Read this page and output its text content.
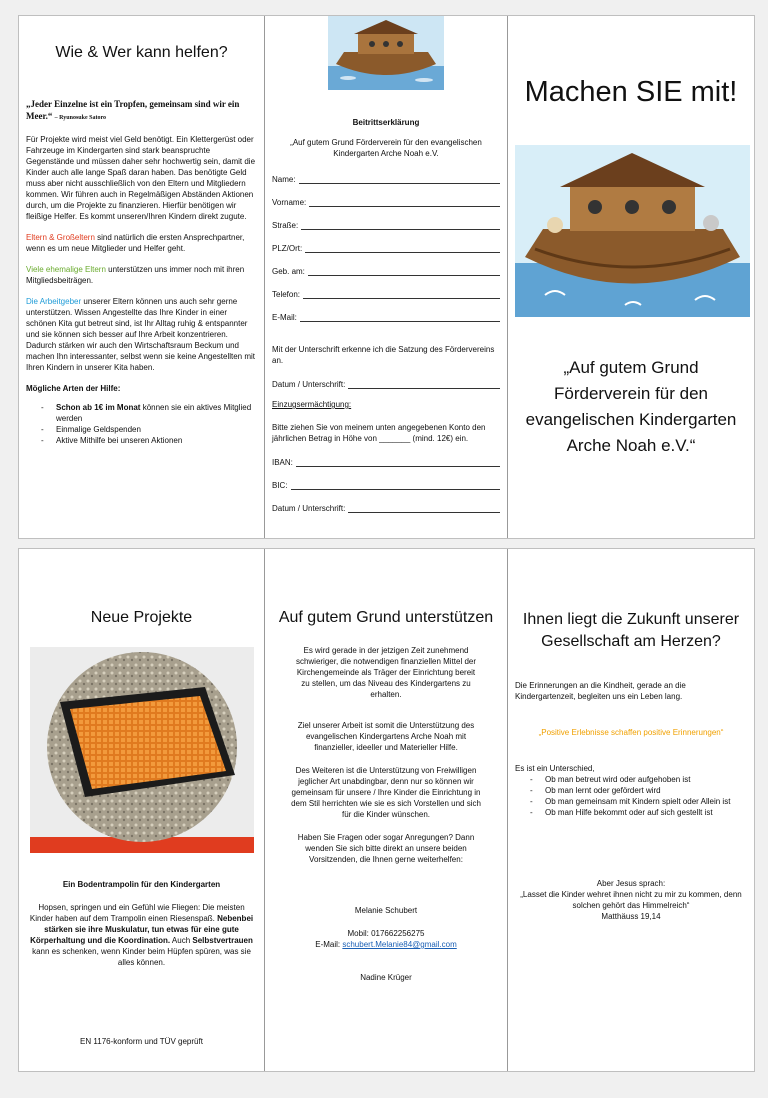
Wie & Wer kann helfen?

„Jeder Einzelne ist ein Tropfen, gemeinsam sind wir ein Meer.“ – Ryunosuke Satoro

Für Projekte wird meist viel Geld benötigt. Ein Klettergerüst oder Fahrzeuge im Kindergarten sind stark beanspruchte Gegenstände und müssen daher sehr hochwertig sein, damit die Kinder auch alle lange Spaß daran haben. Das benötigte Geld muss aber nicht ausschließlich von den Eltern und Mitgliedern kommen. Wir führen auch in Regelmäßigen Abständen Aktionen durch, um die Projekte zu finanzieren. Hierfür benötigen wir fleißige Helfer. Es kommt unseren/Ihren Kindern direkt zugute.

Eltern & Großeltern sind natürlich die ersten Ansprechpartner, wenn es um neue Mitglieder und Helfer geht.

Viele ehemalige Eltern unterstützen uns immer noch mit ihren Mitgliedsbeiträgen.

Die Arbeitgeber unserer Eltern können uns auch sehr gerne unterstützen. Wissen Angestellte das Ihre Kinder in einer schönen Kita gut betreut sind, ist Ihr Alltag ruhig & entspannter und sie können sich besser auf Ihre Arbeit konzentrieren. Dadurch stärken wir auch den Wirtschaftsraum Beckum und machen Ihn interessanter, selbst wenn sie keine Angestellten mit Ihren Kindern in unserer Kita haben.

Mögliche Arten der Hilfe:

- Schon ab 1€ im Monat können sie ein aktives Mitglied werden
- Einmalige Geldspenden
- Aktive Mithilfe bei unseren Aktionen

Beitrittserklärung

„Auf gutem Grund Förderverein für den evangelischen Kindergarten Arche Noah e.V.

Name:
Vorname:
Straße:
PLZ/Ort:
Geb. am:
Telefon:
E-Mail:

Mit der Unterschrift erkenne ich die Satzung des Fördervereins an.

Datum / Unterschrift:

Einzugsermächtigung:

Bitte ziehen Sie von meinem unten angegebenen Konto den jährlichen Betrag in Höhe von _______ (mind. 12€) ein.

IBAN:
BIC:
Datum / Unterschrift:
Machen SIE mit!

„Auf gutem Grund Förderverein für den evangelischen Kindergarten Arche Noah e.V.“

Neue Projekte

Ein Bodentrampolin für den Kindergarten

Hopsen, springen und ein Gefühl wie Fliegen: Die meisten Kinder haben auf dem Trampolin einen Riesenspaß. Nebenbei stärken sie ihre Muskulatur, tun etwas für eine gute Körperhaltung und die Koordination. Auch Selbstvertrauen kann es schenken, wenn Kinder beim Hüpfen spüren, was sie alles können.

EN 1176-konform und TÜV geprüft

Auf gutem Grund unterstützen

Es wird gerade in der jetzigen Zeit zunehmend schwieriger, die notwendigen finanziellen Mittel der Kirchengemeinde als Träger der Einrichtung bereit zu stellen, um das Niveau des Kindergartens zu erhalten.

Ziel unserer Arbeit ist somit die Unterstützung des evangelischen Kindergartens Arche Noah mit finanzieller, ideeller und Materieller Hilfe.

Des Weiteren ist die Unterstützung von Freiwilligen jeglicher Art unabdingbar, denn nur so können wir gemeinsam für unsere / Ihre Kinder die Einrichtung in dem Stil herrichten wie sie es sich Vorstellen und sich für die Kinder wünschen.

Haben Sie Fragen oder sogar Anregungen? Dann wenden Sie sich bitte direkt an unsere beiden Vorsitzenden, die Ihnen gerne weiterhelfen:

Melanie Schubert

Mobil: 017662256275

E-Mail: schubert.Melanie84@gmail.com

Nadine Krüger

Ihnen liegt die Zukunft unserer Gesellschaft am Herzen?

Die Erinnerungen an die Kindheit, gerade an die Kindergartenzeit, begleiten uns ein Leben lang.

„Positive Erlebnisse schaffen positive Erinnerungen“

Es ist ein Unterschied,

- Ob man betreut wird oder aufgehoben ist
- Ob man lernt oder gefördert wird
- Ob man gemeinsam mit Kindern spielt oder Allein ist
- Ob man Hilfe bekommt oder auf sich gestellt ist

Aber Jesus sprach:

„Lasset die Kinder wehret ihnen nicht zu mir zu kommen, denn solchen gehört das Himmelreich“

Matthäuss 19,14
